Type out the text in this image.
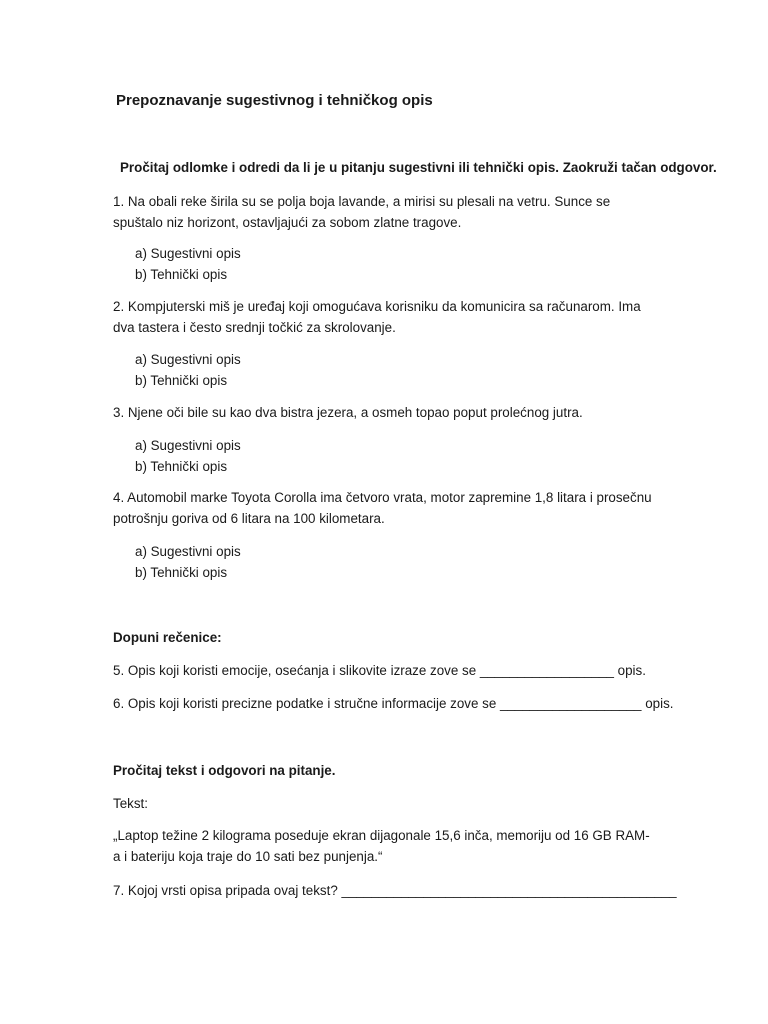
Prepoznavanje sugestivnog i tehničkog opis
Pročitaj odlomke i odredi da li je u pitanju sugestivni ili tehnički opis. Zaokruži tačan odgovor.

1. Na obali reke širila su se polja boja lavande, a mirisi su plesali na vetru. Sunce se spuštalo niz horizont, ostavljajući za sobom zlatne tragove.

a) Sugestivni opis
b) Tehnički opis

2. Kompjuterski miš je uređaj koji omogućava korisniku da komunicira sa računarom. Ima dva tastera i često srednji točkić za skrolovanje.

a) Sugestivni opis
b) Tehnički opis

3. Njene oči bile su kao dva bistra jezera, a osmeh topao poput prolećnog jutra.

a) Sugestivni opis
b) Tehnički opis

4. Automobil marke Toyota Corolla ima četvoro vrata, motor zapremine 1,8 litara i prosečnu potrošnju goriva od 6 litara na 100 kilometara.

a) Sugestivni opis
b) Tehnički opis
Dopuni rečenice:
5. Opis koji koristi emocije, osećanja i slikovite izraze zove se __________________ opis.
6. Opis koji koristi precizne podatke i stručne informacije zove se ___________________ opis.
Pročitaj tekst i odgovori na pitanje.
Tekst:

„Laptop težine 2 kilograma poseduje ekran dijagonale 15,6 inča, memoriju od 16 GB RAM-a i bateriju koja traje do 10 sati bez punjenja.“

7. Kojoj vrsti opisa pripada ovaj tekst? _____________________________________________
